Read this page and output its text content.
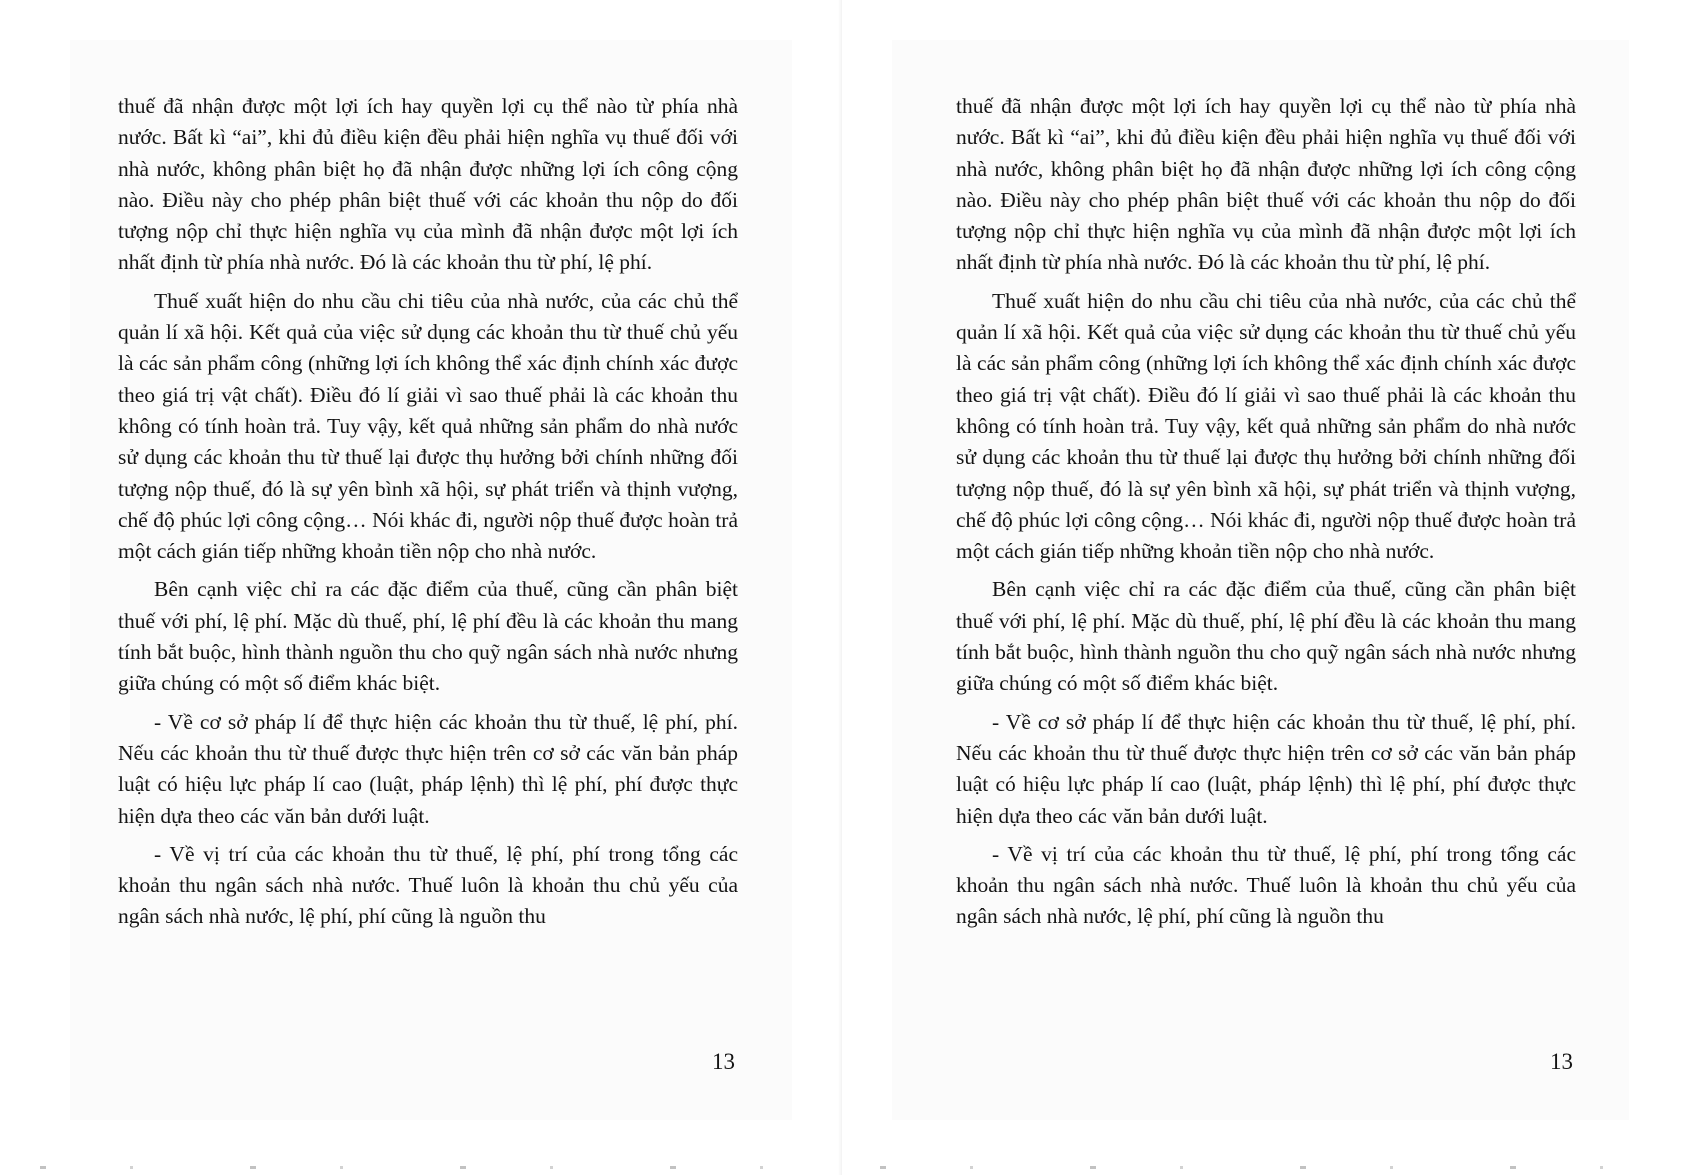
thuế đã nhận được một lợi ích hay quyền lợi cụ thể nào từ phía nhà nước. Bất kì “ai”, khi đủ điều kiện đều phải hiện nghĩa vụ thuế đối với nhà nước, không phân biệt họ đã nhận được những lợi ích công cộng nào. Điều này cho phép phân biệt thuế với các khoản thu nộp do đối tượng nộp chỉ thực hiện nghĩa vụ của mình đã nhận được một lợi ích nhất định từ phía nhà nước. Đó là các khoản thu từ phí, lệ phí.

Thuế xuất hiện do nhu cầu chi tiêu của nhà nước, của các chủ thể quản lí xã hội. Kết quả của việc sử dụng các khoản thu từ thuế chủ yếu là các sản phẩm công (những lợi ích không thể xác định chính xác được theo giá trị vật chất). Điều đó lí giải vì sao thuế phải là các khoản thu không có tính hoàn trả. Tuy vậy, kết quả những sản phẩm do nhà nước sử dụng các khoản thu từ thuế lại được thụ hưởng bởi chính những đối tượng nộp thuế, đó là sự yên bình xã hội, sự phát triển và thịnh vượng, chế độ phúc lợi công cộng… Nói khác đi, người nộp thuế được hoàn trả một cách gián tiếp những khoản tiền nộp cho nhà nước.

Bên cạnh việc chỉ ra các đặc điểm của thuế, cũng cần phân biệt thuế với phí, lệ phí. Mặc dù thuế, phí, lệ phí đều là các khoản thu mang tính bắt buộc, hình thành nguồn thu cho quỹ ngân sách nhà nước nhưng giữa chúng có một số điểm khác biệt.

- Về cơ sở pháp lí để thực hiện các khoản thu từ thuế, lệ phí, phí. Nếu các khoản thu từ thuế được thực hiện trên cơ sở các văn bản pháp luật có hiệu lực pháp lí cao (luật, pháp lệnh) thì lệ phí, phí được thực hiện dựa theo các văn bản dưới luật.

- Về vị trí của các khoản thu từ thuế, lệ phí, phí trong tổng các khoản thu ngân sách nhà nước. Thuế luôn là khoản thu chủ yếu của ngân sách nhà nước, lệ phí, phí cũng là nguồn thu

13

thuế đã nhận được một lợi ích hay quyền lợi cụ thể nào từ phía nhà nước. Bất kì “ai”, khi đủ điều kiện đều phải hiện nghĩa vụ thuế đối với nhà nước, không phân biệt họ đã nhận được những lợi ích công cộng nào. Điều này cho phép phân biệt thuế với các khoản thu nộp do đối tượng nộp chỉ thực hiện nghĩa vụ của mình đã nhận được một lợi ích nhất định từ phía nhà nước. Đó là các khoản thu từ phí, lệ phí.

Thuế xuất hiện do nhu cầu chi tiêu của nhà nước, của các chủ thể quản lí xã hội. Kết quả của việc sử dụng các khoản thu từ thuế chủ yếu là các sản phẩm công (những lợi ích không thể xác định chính xác được theo giá trị vật chất). Điều đó lí giải vì sao thuế phải là các khoản thu không có tính hoàn trả. Tuy vậy, kết quả những sản phẩm do nhà nước sử dụng các khoản thu từ thuế lại được thụ hưởng bởi chính những đối tượng nộp thuế, đó là sự yên bình xã hội, sự phát triển và thịnh vượng, chế độ phúc lợi công cộng… Nói khác đi, người nộp thuế được hoàn trả một cách gián tiếp những khoản tiền nộp cho nhà nước.

Bên cạnh việc chỉ ra các đặc điểm của thuế, cũng cần phân biệt thuế với phí, lệ phí. Mặc dù thuế, phí, lệ phí đều là các khoản thu mang tính bắt buộc, hình thành nguồn thu cho quỹ ngân sách nhà nước nhưng giữa chúng có một số điểm khác biệt.

- Về cơ sở pháp lí để thực hiện các khoản thu từ thuế, lệ phí, phí. Nếu các khoản thu từ thuế được thực hiện trên cơ sở các văn bản pháp luật có hiệu lực pháp lí cao (luật, pháp lệnh) thì lệ phí, phí được thực hiện dựa theo các văn bản dưới luật.

- Về vị trí của các khoản thu từ thuế, lệ phí, phí trong tổng các khoản thu ngân sách nhà nước. Thuế luôn là khoản thu chủ yếu của ngân sách nhà nước, lệ phí, phí cũng là nguồn thu

13
